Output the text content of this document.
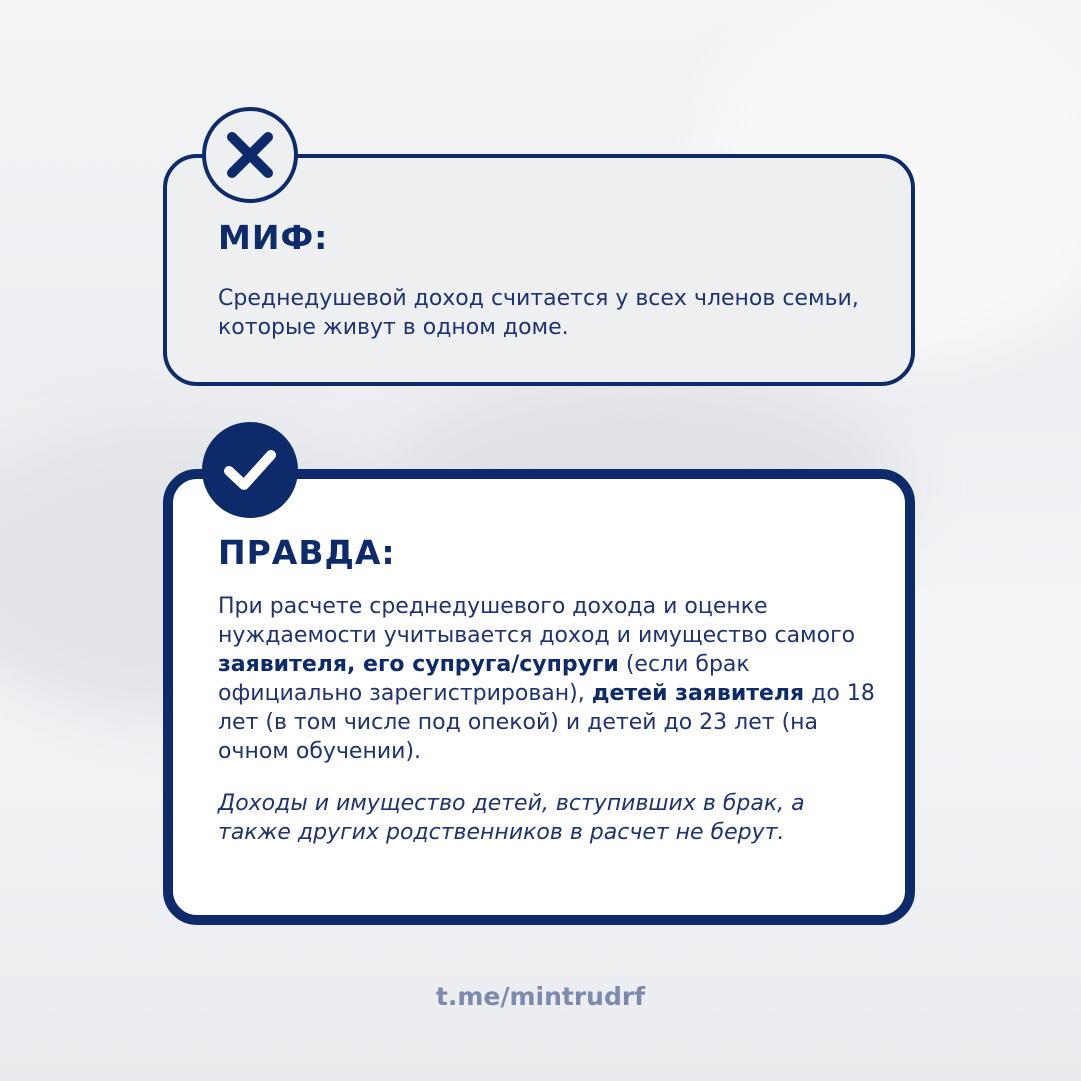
МИФ:

Среднедушевой доход считается у всех членов семьи, которые живут в одном доме.

ПРАВДА:

При расчете среднедушевого дохода и оценке нуждаемости учитывается доход и имущество самого заявителя, его супруга/супруги (если брак официально зарегистрирован), детей заявителя до 18 лет (в том числе под опекой) и детей до 23 лет (на очном обучении).

Доходы и имущество детей, вступивших в брак, а также других родственников в расчет не берут.

t.me/mintrudrf
